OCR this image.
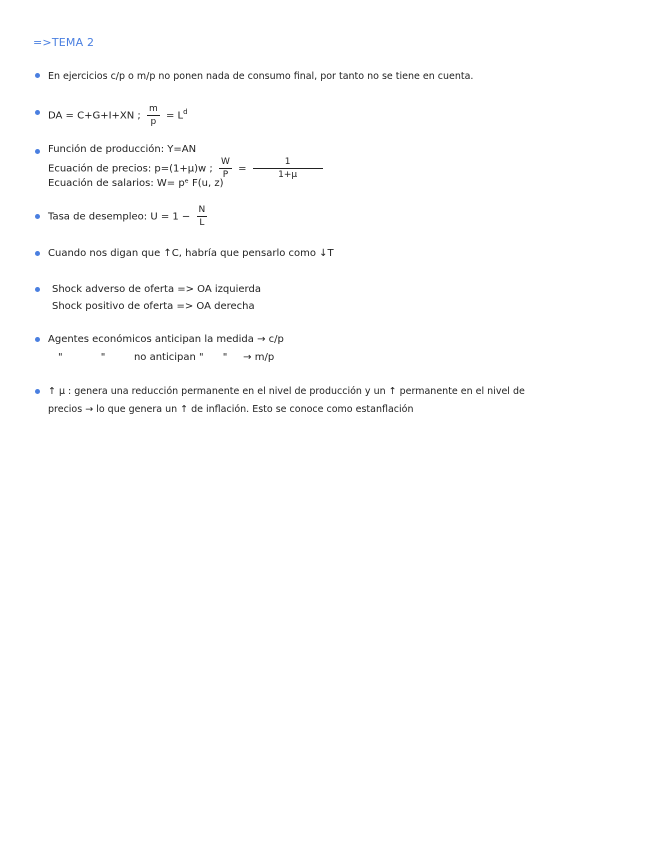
=>TEMA 2
En ejercicios c/p o m/p no ponen nada de consumo final, por tanto no se tiene en cuenta.
DA = C+G+I+XN ; $\frac{m}{p} = L^d$
Función de producción: Y=AN
Ecuación de precios: p=(1+μ)w ; $\frac{W}{P} = \frac{1}{1+\mu}$
Ecuación de salarios: W= pᵉ F(u, z)
Tasa de desempleo: $U = 1 - \frac{N}{L}$
Cuando nos digan que ↑C, habría que pensarlo como ↓T
Shock adverso de oferta => OA izquierda
Shock positivo de oferta => OA derecha
Agentes económicos anticipan la medida → c/p
"            "         no anticipan "      "     → m/p
↑ μ : genera una reducción permanente en el nivel de producción y un ↑ permanente en el nivel de
precios → lo que genera un ↑ de inflación. Esto se conoce como estanflación
